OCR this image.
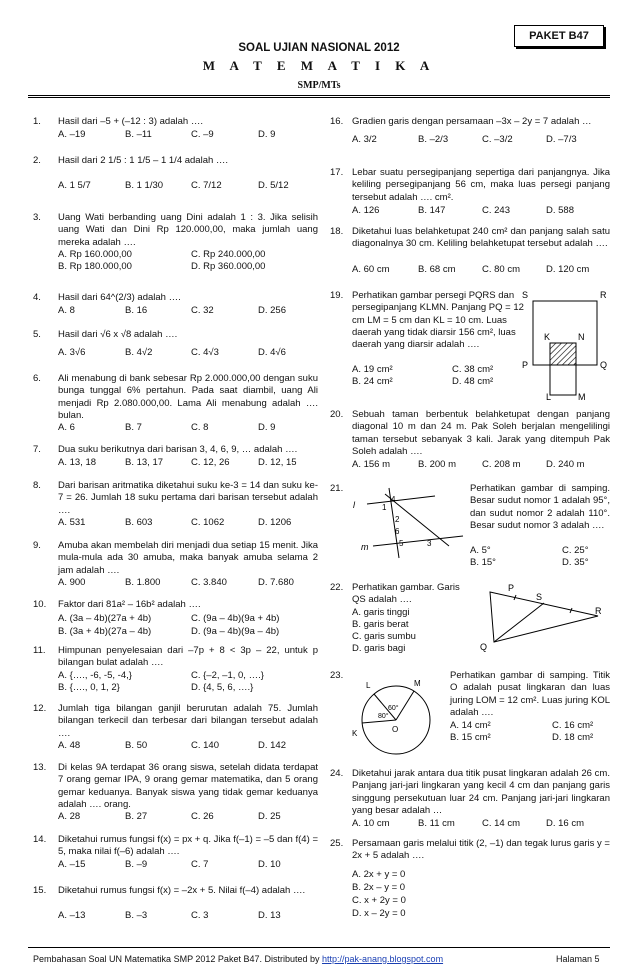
PAKET B47
SOAL UJIAN NASIONAL 2012
M A T E M A T I K A
SMP/MTs
1. Hasil dari –5 + (–12 : 3) adalah ….
A. –19	B. –11	C. –9	D. 9
2. Hasil dari 2 1/5 : 1 1/5 – 1 1/4 adalah ….
A. 1 5/7	B. 1 1/30	C. 7/12	D. 5/12
3. Uang Wati berbanding uang Dini adalah 1 : 3. Jika selisih uang Wati dan Dini Rp 120.000,00, maka jumlah uang mereka adalah ….
A. Rp 160.000,00	C. Rp 240.000,00
B. Rp 180.000,00	D. Rp 360.000,00
4. Hasil dari 64^(2/3) adalah ….
A. 8	B. 16	C. 32	D. 256
5. Hasil dari √6 x √8 adalah ….
A. 3√6	B. 4√2	C. 4√3	D. 4√6
6. Ali menabung di bank sebesar Rp 2.000.000,00 dengan suku bunga tunggal 6% pertahun. Pada saat diambil, uang Ali menjadi Rp 2.080.000,00. Lama Ali menabung adalah …. bulan.
A. 6	B. 7	C. 8	D. 9
7. Dua suku berikutnya dari barisan 3, 4, 6, 9, … adalah ….
A. 13, 18	B. 13, 17	C. 12, 26	D. 12, 15
8. Dari barisan aritmatika diketahui suku ke-3 = 14 dan suku ke-7 = 26. Jumlah 18 suku pertama dari barisan tersebut adalah ….
A. 531	B. 603	C. 1062	D. 1206
9. Amuba akan membelah diri menjadi dua setiap 15 menit. Jika mula-mula ada 30 amuba, maka banyak amuba selama 2 jam adalah ….
A. 900	B. 1.800	C. 3.840	D. 7.680
10. Faktor dari 81a² – 16b² adalah ….
A. (3a – 4b)(27a + 4b)	C. (9a – 4b)(9a + 4b)
B. (3a + 4b)(27a – 4b)	D. (9a – 4b)(9a – 4b)
11. Himpunan penyelesaian dari –7p + 8 < 3p – 22, untuk p bilangan bulat adalah ….
A. {…., -6, -5, -4,}	C. {–2, –1, 0, ….}
B. {…., 0, 1, 2}	D. {4, 5, 6, ….}
12. Jumlah tiga bilangan ganjil berurutan adalah 75. Jumlah bilangan terkecil dan terbesar dari bilangan tersebut adalah ….
A. 48	B. 50	C. 140	D. 142
13. Di kelas 9A terdapat 36 orang siswa, setelah didata terdapat 7 orang gemar IPA, 9 orang gemar matematika, dan 5 orang gemar keduanya. Banyak siswa yang tidak gemar keduanya adalah …. orang.
A. 28	B. 27	C. 26	D. 25
14. Diketahui rumus fungsi f(x) = px + q. Jika f(–1) = –5 dan f(4) = 5, maka nilai f(–6) adalah ….
A. –15	B. –9	C. 7	D. 10
15. Diketahui rumus fungsi f(x) = –2x + 5. Nilai f(–4) adalah ….
A. –13	B. –3	C. 3	D. 13
16. Gradien garis dengan persamaan –3x – 2y = 7 adalah …
A. 3/2	B. –2/3	C. –3/2	D. –7/3
17. Lebar suatu persegipanjang sepertiga dari panjangnya. Jika keliling persegipanjang 56 cm, maka luas persegi panjang tersebut adalah …. cm².
A. 126	B. 147	C. 243	D. 588
18. Diketahui luas belahketupat 240 cm² dan panjang salah satu diagonalnya 30 cm. Keliling belahketupat tersebut adalah ….
A. 60 cm	B. 68 cm	C. 80 cm	D. 120 cm
19. Perhatikan gambar persegi PQRS dan persegipanjang KLMN. Panjang PQ = 12 cm LM = 5 cm dan KL = 10 cm. Luas daerah yang tidak diarsir 156 cm², luas daerah yang diarsir adalah ….
A. 19 cm²	C. 38 cm²
B. 24 cm²	D. 48 cm²
S	R
K	N
P	Q
L	M
20. Sebuah taman berbentuk belahketupat dengan panjang diagonal 10 m dan 24 m. Pak Soleh berjalan mengelilingi taman tersebut sebanyak 3 kali. Jarak yang ditempuh Pak Soleh adalah ….
A. 156 m	B. 200 m	C. 208 m	D. 240 m
21.	Perhatikan gambar di samping. Besar sudut nomor 1 adalah 95°, dan sudut nomor 2 adalah 110°. Besar sudut nomor 3 adalah ….
A. 5°	C. 25°
B. 15°	D. 35°
l
m
1
2
3
4
5
6
22. Perhatikan gambar. Garis QS adalah ….
A. garis tinggi
B. garis berat
C. garis sumbu
D. garis bagi
P
S
R
Q
23.	Perhatikan gambar di samping. Titik O adalah pusat lingkaran dan luas juring LOM = 12 cm². Luas juring KOL adalah ….
A. 14 cm²	C. 16 cm²
B. 15 cm²	D. 18 cm²
L	M
O
K
60°
80°
24. Diketahui jarak antara dua titik pusat lingkaran adalah 26 cm. Panjang jari-jari lingkaran yang kecil 4 cm dan panjang garis singgung persekutuan luar 24 cm. Panjang jari-jari lingkaran yang besar adalah …
A. 10 cm	B. 11 cm	C. 14 cm	D. 16 cm
25. Persamaan garis melalui titik (2, –1) dan tegak lurus garis y = 2x + 5 adalah ….
A. 2x + y = 0
B. 2x – y = 0
C. x + 2y = 0
D. x – 2y = 0
Pembahasan Soal UN Matematika SMP 2012 Paket B47. Distributed by http://pak-anang.blogspot.com	Halaman 5
